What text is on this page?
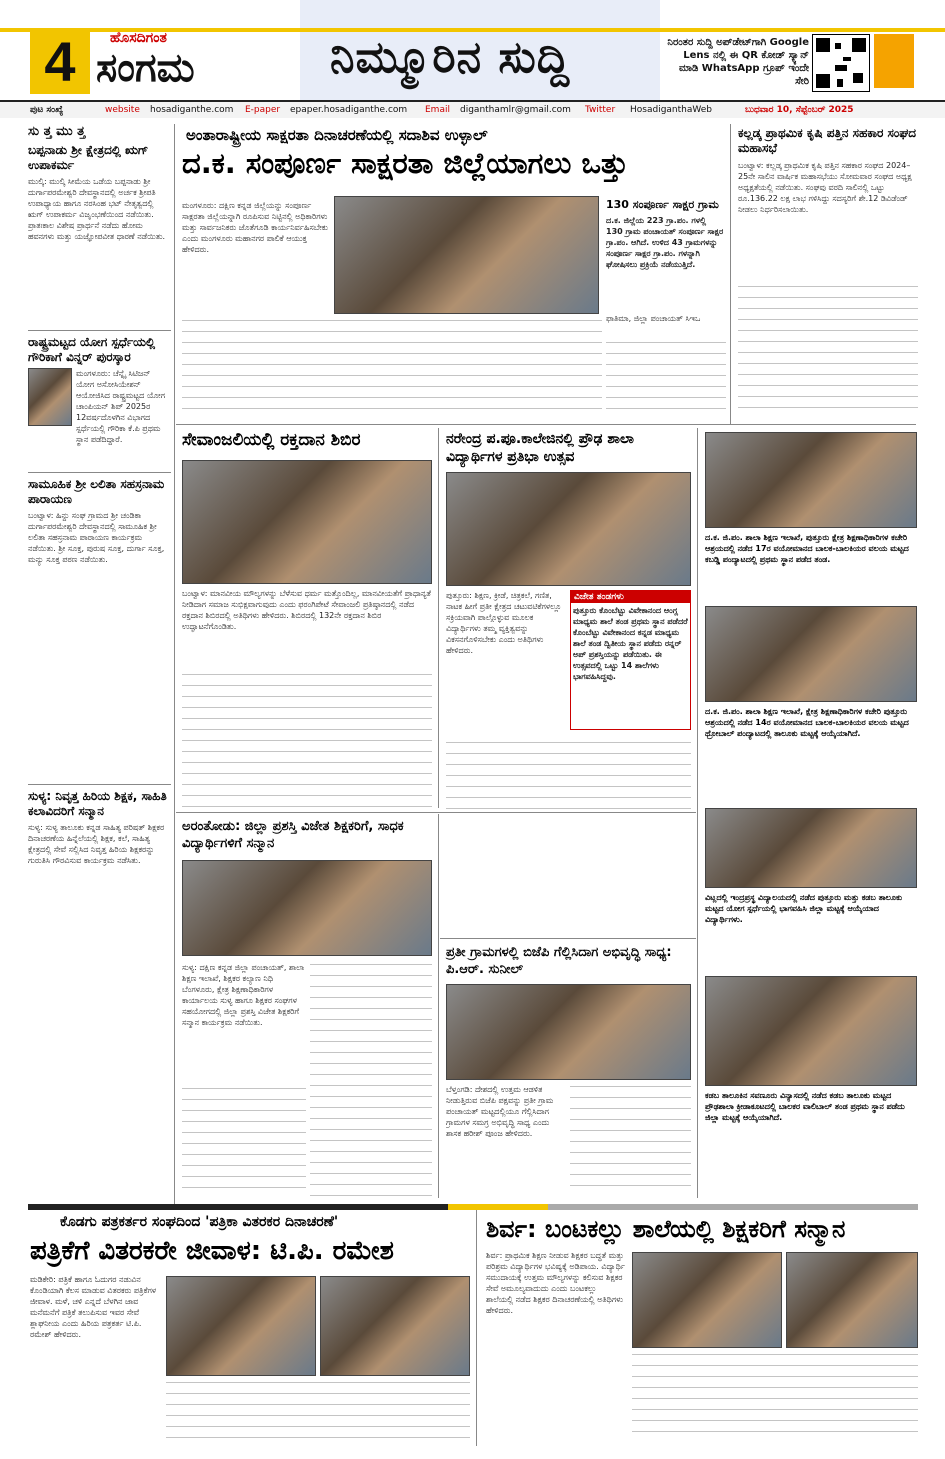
4	ಹೊಸದಿಗಂತ
ಸಂಗಮ	ನಿಮ್ಮೂರಿನ ಸುದ್ದಿ	ನಿರಂತರ ಸುದ್ದಿ ಅಪ್‌ಡೇಟ್‌ಗಾಗಿ Google Lens ನಲ್ಲಿ ಈ QR ಕೋಡ್ ಸ್ಕ್ಯಾನ್ ಮಾಡಿ WhatsApp ಗ್ರೂಪ್ ಇಂದೇ ಸೇರಿ
ಪುಟ ಸಂಖ್ಯೆ	website hosadiganthe.com E-paper epaper.hosadiganthe.com Email diganthamlr@gmail.com Twitter HosadiganthaWeb	ಬುಧವಾರ 10, ಸೆಪ್ಟೆಂಬರ್ 2025
ಸು ತ್ತ ಮು ತ್ತ
ಬಪ್ಪನಾಡು ಶ್ರೀ ಕ್ಷೇತ್ರದಲ್ಲಿ ಋಗ್ ಉಪಾಕರ್ಮ
ಮುಲ್ಕಿ: ಮುಲ್ಕಿ ಸೀಮೆಯ ಒಡೆಯ ಬಪ್ಪನಾಡು ಶ್ರೀ ದುರ್ಗಾಪರಮೇಶ್ವರಿ ದೇವಸ್ಥಾನದಲ್ಲಿ ಅರ್ಚಕ ಶ್ರೀಪತಿ ಉಪಾಧ್ಯಾಯ ಹಾಗೂ ನರಸಿಂಹ ಭಟ್ ನೇತೃತ್ವದಲ್ಲಿ ಋಗ್ ಉಪಾಕರ್ಮ ವಿಜೃಂಭಣೆಯಿಂದ ನಡೆಯಿತು. ಪ್ರಾತಃಕಾಲ ವಿಶೇಷ ಪ್ರಾರ್ಥನೆ ನಡೆದು ಹೋಮ ಹವನಗಳು ಮತ್ತು ಯಜ್ಞೋಪವೀತ ಧಾರಣೆ ನಡೆಯಿತು.
ರಾಷ್ಟ್ರಮಟ್ಟದ ಯೋಗ ಸ್ಪರ್ಧೆಯಲ್ಲಿ ಗೌರಿಕಾಗೆ ವಿನ್ನರ್ ಪುರಸ್ಕಾರ
ಮಂಗಳೂರು: ಚೆನ್ನೈ ಸಿಟಿಜನ್ ಯೋಗ ಅಸೋಸಿಯೇಶನ್ ಆಯೋಜಿಸಿದ ರಾಷ್ಟ್ರಮಟ್ಟದ ಯೋಗ ಚಾಂಪಿಯನ್ ಶಿಪ್ 2025ರ 12ವರ್ಷದೊಳಗಿನ ವಿಭಾಗದ ಸ್ಪರ್ಧೆಯಲ್ಲಿ ಗೌರಿಕಾ ಕೆ.ಪಿ ಪ್ರಥಮ ಸ್ಥಾನ ಪಡೆದಿದ್ದಾರೆ.
ಸಾಮೂಹಿಕ ಶ್ರೀ ಲಲಿತಾ ಸಹಸ್ರನಾಮ ಪಾರಾಯಣ
ಬಂಟ್ವಾಳ: ಹಿನ್ದು ಸಂಘ ಗ್ರಾಮದ ಶ್ರೀ ಚಂಡಿಕಾ ದುರ್ಗಾಪರಮೇಶ್ವರಿ ದೇವಸ್ಥಾನದಲ್ಲಿ ಸಾಮೂಹಿಕ ಶ್ರೀ ಲಲಿತಾ ಸಹಸ್ರನಾಮ ಪಾರಾಯಣ ಕಾರ್ಯಕ್ರಮ ನಡೆಯಿತು. ಶ್ರೀ ಸೂಕ್ತ, ಪುರುಷ ಸೂಕ್ತ, ದುರ್ಗಾ ಸೂಕ್ತ, ಮನ್ಯು ಸೂಕ್ತ ಪಠಣ ನಡೆಯಿತು.
ಸುಳ್ಯ: ನಿವೃತ್ತ ಹಿರಿಯ ಶಿಕ್ಷಕ, ಸಾಹಿತಿ ಕಲಾವಿದರಿಗೆ ಸನ್ಮಾನ
ಸುಳ್ಯ: ಸುಳ್ಯ ತಾಲೂಕು ಕನ್ನಡ ಸಾಹಿತ್ಯ ಪರಿಷತ್ ಶಿಕ್ಷಕರ ದಿನಾಚರಣೆಯ ಹಿನ್ನೆಲೆಯಲ್ಲಿ ಶಿಕ್ಷಕ, ಕಲೆ, ಸಾಹಿತ್ಯ ಕ್ಷೇತ್ರದಲ್ಲಿ ಸೇವೆ ಸಲ್ಲಿಸಿದ ನಿವೃತ್ತ ಹಿರಿಯ ಶಿಕ್ಷಕರನ್ನು ಗುರುತಿಸಿ ಗೌರವಿಸುವ ಕಾರ್ಯಕ್ರಮ ನಡೆಸಿತು.
ಅಂತಾರಾಷ್ಟ್ರೀಯ ಸಾಕ್ಷರತಾ ದಿನಾಚರಣೆಯಲ್ಲಿ ಸದಾಶಿವ ಉಳ್ಳಾಲ್
ದ.ಕ. ಸಂಪೂರ್ಣ ಸಾಕ್ಷರತಾ ಜಿಲ್ಲೆಯಾಗಲು ಒತ್ತು
ಮಂಗಳೂರು: ದಕ್ಷಿಣ ಕನ್ನಡ ಜಿಲ್ಲೆಯನ್ನು ಸಂಪೂರ್ಣ ಸಾಕ್ಷರತಾ ಜಿಲ್ಲೆಯನ್ನಾಗಿ ರೂಪಿಸುವ ನಿಟ್ಟಿನಲ್ಲಿ ಅಧಿಕಾರಿಗಳು ಮತ್ತು ಸಾರ್ವಜನಿಕರು ಜೊತೆಗೂಡಿ ಕಾರ್ಯನಿರ್ವಹಿಸಬೇಕು ಎಂದು ಮಂಗಳೂರು ಮಹಾನಗರ ಪಾಲಿಕೆ ಆಯುಕ್ತ ಹೇಳಿದರು.
130 ಸಂಪೂರ್ಣ ಸಾಕ್ಷರ ಗ್ರಾಮ
ದ.ಕ. ಜಿಲ್ಲೆಯ 223 ಗ್ರಾ.ಪಂ. ಗಳಲ್ಲಿ 130 ಗ್ರಾಮ ಪಂಚಾಯತ್ ಸಂಪೂರ್ಣ ಸಾಕ್ಷರ ಗ್ರಾ.ಪಂ. ಆಗಿದೆ. ಉಳಿದ 43 ಗ್ರಾಮಗಳನ್ನು ಸಂಪೂರ್ಣ ಸಾಕ್ಷರ ಗ್ರಾ.ಪಂ. ಗಳನ್ನಾಗಿ ಘೋಷಿಸಲು ಪ್ರಕ್ರಿಯೆ ನಡೆಯುತ್ತಿದೆ.
ಫಾತಿಮಾ, ಜಿಲ್ಲಾ ಪಂಚಾಯತ್ ಸಿಇಒ
ಕಲ್ಲಡ್ಕ ಪ್ರಾಥಮಿಕ ಕೃಷಿ ಪತ್ತಿನ ಸಹಕಾರ ಸಂಘದ ಮಹಾಸಭೆ
ಬಂಟ್ವಾಳ: ಕಲ್ಲಡ್ಕ ಪ್ರಾಥಮಿಕ ಕೃಷಿ ಪತ್ತಿನ ಸಹಕಾರ ಸಂಘದ 2024–25ನೇ ಸಾಲಿನ ವಾರ್ಷಿಕ ಮಹಾಸಭೆಯು ಸೋಮವಾರ ಸಂಘದ ಅಧ್ಯಕ್ಷ ಅಧ್ಯಕ್ಷತೆಯಲ್ಲಿ ನಡೆಯಿತು. ಸಂಘವು ವರದಿ ಸಾಲಿನಲ್ಲಿ ಒಟ್ಟು ರೂ.136.22 ಲಕ್ಷ ಲಾಭ ಗಳಿಸಿದ್ದು ಸದಸ್ಯರಿಗೆ ಶೇ.12 ಡಿವಿಡೆಂಡ್ ನೀಡಲು ನಿರ್ಧರಿಸಲಾಯಿತು.
ಸೇವಾಂಜಲಿಯಲ್ಲಿ ರಕ್ತದಾನ ಶಿಬಿರ
ಬಂಟ್ವಾಳ: ಮಾನವೀಯ ಮೌಲ್ಯಗಳನ್ನು ಬೆಳೆಸುವ ಧರ್ಮ ಮತ್ತೊಂದಿಲ್ಲ, ಮಾನವೀಯತೆಗೆ ಪ್ರಾಧಾನ್ಯತೆ ನೀಡಿದಾಗ ಸಮಾಜ ಸುಭಿಕ್ಷವಾಗುವುದು ಎಂದು ಫರಂಗಿಪೇಟೆ ಸೇವಾಂಜಲಿ ಪ್ರತಿಷ್ಠಾನದಲ್ಲಿ ನಡೆದ ರಕ್ತದಾನ ಶಿಬಿರದಲ್ಲಿ ಅತಿಥಿಗಳು ಹೇಳಿದರು. ಶಿಬಿರದಲ್ಲಿ 132ನೇ ರಕ್ತದಾನ ಶಿಬಿರ ಉದ್ಘಾಟನೆಗೊಂಡಿತು.
ನರೇಂದ್ರ ಪ.ಪೂ.ಕಾಲೇಜಿನಲ್ಲಿ ಪ್ರೌಢ ಶಾಲಾ ವಿದ್ಯಾರ್ಥಿಗಳ ಪ್ರತಿಭಾ ಉತ್ಸವ
ಪುತ್ತೂರು: ಶಿಕ್ಷಣ, ಕ್ರೀಡೆ, ಚಿತ್ರಕಲೆ, ಗಣಿತ, ನಾಟಕ ಹೀಗೆ ಪ್ರತೀ ಕ್ಷೇತ್ರದ ಚಟುವಟಿಕೆಗಳಲ್ಲೂ ಸಕ್ರಿಯವಾಗಿ ಪಾಲ್ಗೊಳ್ಳುವ ಮೂಲಕ ವಿದ್ಯಾರ್ಥಿಗಳು ತಮ್ಮ ವ್ಯಕ್ತಿತ್ವವನ್ನು ವಿಕಸನಗೊಳಿಸಬೇಕು ಎಂದು ಅತಿಥಿಗಳು ಹೇಳಿದರು.
ವಿಜೇತ ತಂಡಗಳು
ಪುತ್ತೂರು ಕೊಂಬೆಟ್ಟು ವಿವೇಕಾನಂದ ಆಂಗ್ಲ ಮಾಧ್ಯಮ ಶಾಲೆ ತಂಡ ಪ್ರಥಮ ಸ್ಥಾನ ಪಡೆದರೆ ಕೊಂಬೆಟ್ಟು ವಿವೇಕಾನಂದ ಕನ್ನಡ ಮಾಧ್ಯಮ ಶಾಲೆ ತಂಡ ದ್ವಿತೀಯ ಸ್ಥಾನ ಪಡೆದು ರನ್ನರ್ ಅಪ್ ಪ್ರಶಸ್ತಿಯನ್ನು ಪಡೆಯಿತು. ಈ ಉತ್ಸವದಲ್ಲಿ ಒಟ್ಟು 14 ಶಾಲೆಗಳು ಭಾಗವಹಿಸಿದ್ದವು.
ದ.ಕ. ಜಿ.ಪಂ. ಶಾಲಾ ಶಿಕ್ಷಣ ಇಲಾಖೆ, ಪುತ್ತೂರು ಕ್ಷೇತ್ರ ಶಿಕ್ಷಣಾಧಿಕಾರಿಗಳ ಕಚೇರಿ ಆಶ್ರಯದಲ್ಲಿ ನಡೆದ 17ರ ವಯೋಮಾನದ ಬಾಲಕ-ಬಾಲಕಿಯರ ವಲಯ ಮಟ್ಟದ ಕಬಡ್ಡಿ ಪಂದ್ಯಾಟದಲ್ಲಿ ಪ್ರಥಮ ಸ್ಥಾನ ಪಡೆದ ತಂಡ.
ದ.ಕ. ಜಿ.ಪಂ. ಶಾಲಾ ಶಿಕ್ಷಣ ಇಲಾಖೆ, ಕ್ಷೇತ್ರ ಶಿಕ್ಷಣಾಧಿಕಾರಿಗಳ ಕಚೇರಿ ಪುತ್ತೂರು ಆಶ್ರಯದಲ್ಲಿ ನಡೆದ 14ರ ವಯೋಮಾನದ ಬಾಲಕ-ಬಾಲಕಿಯರ ವಲಯ ಮಟ್ಟದ ಥ್ರೋಬಾಲ್ ಪಂದ್ಯಾಟದಲ್ಲಿ ತಾಲೂಕು ಮಟ್ಟಕ್ಕೆ ಆಯ್ಕೆಯಾಗಿದೆ.
ವಿಟ್ಲದಲ್ಲಿ ಇಂದ್ರಪ್ರಸ್ಥ ವಿದ್ಯಾಲಯದಲ್ಲಿ ನಡೆದ ಪುತ್ತೂರು ಮತ್ತು ಕಡಬ ತಾಲೂಕು ಮಟ್ಟದ ಯೋಗ ಸ್ಪರ್ಧೆಯಲ್ಲಿ ಭಾಗವಹಿಸಿ ಜಿಲ್ಲಾ ಮಟ್ಟಕ್ಕೆ ಆಯ್ಕೆಯಾದ ವಿದ್ಯಾರ್ಥಿಗಳು.
ಕಡಬ ತಾಲೂಕಿನ ಸವಣೂರು ವಿನ್ಯಾಸದಲ್ಲಿ ನಡೆದ ಕಡಬ ತಾಲೂಕು ಮಟ್ಟದ ಪ್ರೌಢಶಾಲಾ ಕ್ರೀಡಾಕೂಟದಲ್ಲಿ ಬಾಲಕರ ವಾಲಿಬಾಲ್ ತಂಡ ಪ್ರಥಮ ಸ್ಥಾನ ಪಡೆದು ಜಿಲ್ಲಾ ಮಟ್ಟಕ್ಕೆ ಆಯ್ಕೆಯಾಗಿದೆ.
ಅರಂತೋಡು: ಜಿಲ್ಲಾ ಪ್ರಶಸ್ತಿ ವಿಜೇತ ಶಿಕ್ಷಕರಿಗೆ, ಸಾಧಕ ವಿದ್ಯಾರ್ಥಿಗಳಿಗೆ ಸನ್ಮಾನ
ಸುಳ್ಯ: ದಕ್ಷಿಣ ಕನ್ನಡ ಜಿಲ್ಲಾ ಪಂಚಾಯತ್, ಶಾಲಾ ಶಿಕ್ಷಣ ಇಲಾಖೆ, ಶಿಕ್ಷಕರ ಕಲ್ಯಾಣ ನಿಧಿ ಬೆಂಗಳೂರು, ಕ್ಷೇತ್ರ ಶಿಕ್ಷಣಾಧಿಕಾರಿಗಳ ಕಾರ್ಯಾಲಯ ಸುಳ್ಯ ಹಾಗೂ ಶಿಕ್ಷಕರ ಸಂಘಗಳ ಸಹಯೋಗದಲ್ಲಿ ಜಿಲ್ಲಾ ಪ್ರಶಸ್ತಿ ವಿಜೇತ ಶಿಕ್ಷಕರಿಗೆ ಸನ್ಮಾನ ಕಾರ್ಯಕ್ರಮ ನಡೆಯಿತು.
ಪ್ರತೀ ಗ್ರಾಮಗಳಲ್ಲಿ ಬಿಜೆಪಿ ಗೆಲ್ಲಿಸಿದಾಗ ಅಭಿವೃದ್ಧಿ ಸಾಧ್ಯ: ಪಿ.ಆರ್. ಸುನೀಲ್
ಬೆಳ್ತಂಗಡಿ: ದೇಶದಲ್ಲಿ ಉತ್ತಮ ಆಡಳಿತ ನೀಡುತ್ತಿರುವ ಬಿಜೆಪಿ ಪಕ್ಷವನ್ನು ಪ್ರತೀ ಗ್ರಾಮ ಪಂಚಾಯತ್ ಮಟ್ಟದಲ್ಲಿಯೂ ಗೆಲ್ಲಿಸಿದಾಗ ಗ್ರಾಮಗಳ ಸಮಗ್ರ ಅಭಿವೃದ್ಧಿ ಸಾಧ್ಯ ಎಂದು ಶಾಸಕ ಹರೀಶ್ ಪೂಂಜ ಹೇಳಿದರು.
ಕೊಡಗು ಪತ್ರಕರ್ತರ ಸಂಘದಿಂದ 'ಪತ್ರಿಕಾ ವಿತರಕರ ದಿನಾಚರಣೆ'
ಪತ್ರಿಕೆಗೆ ವಿತರಕರೇ ಜೀವಾಳ: ಟಿ.ಪಿ. ರಮೇಶ
ಮಡಿಕೇರಿ: ಪತ್ರಿಕೆ ಹಾಗೂ ಓದುಗರ ನಡುವಿನ ಕೊಂಡಿಯಾಗಿ ಕೆಲಸ ಮಾಡುವ ವಿತರಕರು ಪತ್ರಿಕೆಗಳ ಜೀವಾಳ. ಮಳೆ, ಚಳಿ ಎನ್ನದೆ ಬೆಳಗಿನ ಜಾವ ಮನೆಮನೆಗೆ ಪತ್ರಿಕೆ ತಲುಪಿಸುವ ಇವರ ಸೇವೆ ಶ್ಲಾಘನೀಯ ಎಂದು ಹಿರಿಯ ಪತ್ರಕರ್ತ ಟಿ.ಪಿ. ರಮೇಶ್ ಹೇಳಿದರು.
ಶಿರ್ವ: ಬಂಟಕಲ್ಲು ಶಾಲೆಯಲ್ಲಿ ಶಿಕ್ಷಕರಿಗೆ ಸನ್ಮಾನ
ಶಿರ್ವ: ಪ್ರಾಥಮಿಕ ಶಿಕ್ಷಣ ನೀಡುವ ಶಿಕ್ಷಕರ ಬದ್ಧತೆ ಮತ್ತು ಪರಿಶ್ರಮ ವಿದ್ಯಾರ್ಥಿಗಳ ಭವಿಷ್ಯಕ್ಕೆ ಅಡಿಪಾಯ. ವಿದ್ಯಾರ್ಥಿ ಸಮುದಾಯಕ್ಕೆ ಉತ್ತಮ ಮೌಲ್ಯಗಳನ್ನು ಕಲಿಸುವ ಶಿಕ್ಷಕರ ಸೇವೆ ಅಮೂಲ್ಯವಾದುದು ಎಂದು ಬಂಟಕಲ್ಲು ಶಾಲೆಯಲ್ಲಿ ನಡೆದ ಶಿಕ್ಷಕರ ದಿನಾಚರಣೆಯಲ್ಲಿ ಅತಿಥಿಗಳು ಹೇಳಿದರು.
